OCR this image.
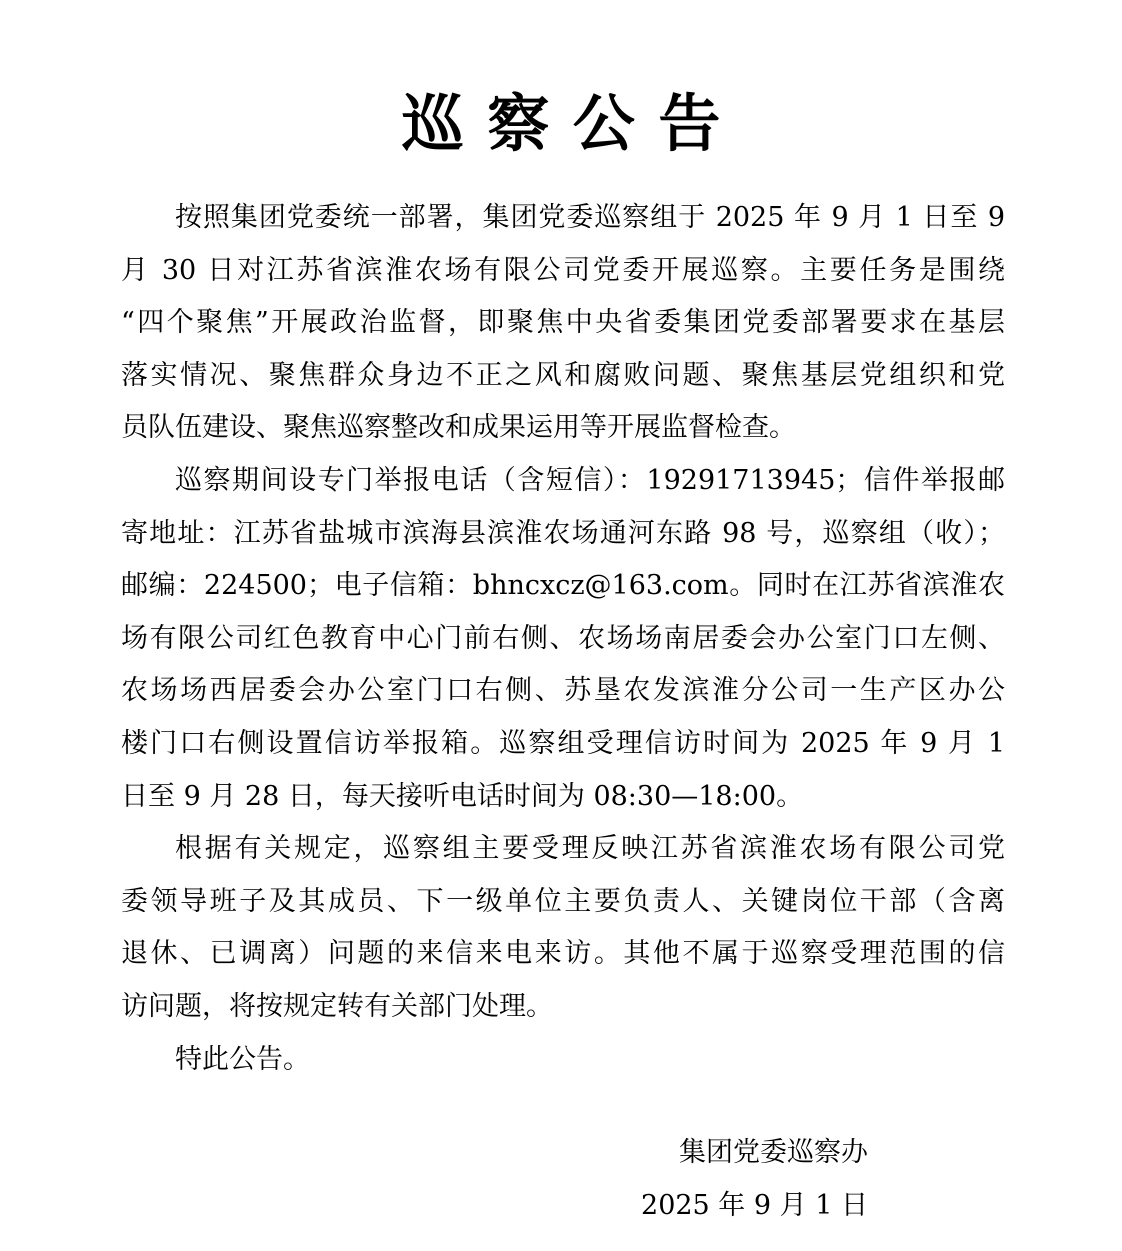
巡察公告
按照集团党委统一部署，集团党委巡察组于 2025 年 9 月 1 日至 9
月 30 日对江苏省滨淮农场有限公司党委开展巡察。主要任务是围绕
“四个聚焦”开展政治监督，即聚焦中央省委集团党委部署要求在基层
落实情况、聚焦群众身边不正之风和腐败问题、聚焦基层党组织和党
员队伍建设、聚焦巡察整改和成果运用等开展监督检查。
巡察期间设专门举报电话（含短信）：19291713945；信件举报邮
寄地址：江苏省盐城市滨海县滨淮农场通河东路 98 号，巡察组（收）；
邮编：224500；电子信箱：bhncxcz@163.com。同时在江苏省滨淮农
场有限公司红色教育中心门前右侧、农场场南居委会办公室门口左侧、
农场场西居委会办公室门口右侧、苏垦农发滨淮分公司一生产区办公
楼门口右侧设置信访举报箱。巡察组受理信访时间为 2025 年 9 月 1
日至 9 月 28 日，每天接听电话时间为 08:30—18:00。
根据有关规定，巡察组主要受理反映江苏省滨淮农场有限公司党
委领导班子及其成员、下一级单位主要负责人、关键岗位干部（含离
退休、已调离）问题的来信来电来访。其他不属于巡察受理范围的信
访问题，将按规定转有关部门处理。
特此公告。
集团党委巡察办
2025 年 9 月 1 日
